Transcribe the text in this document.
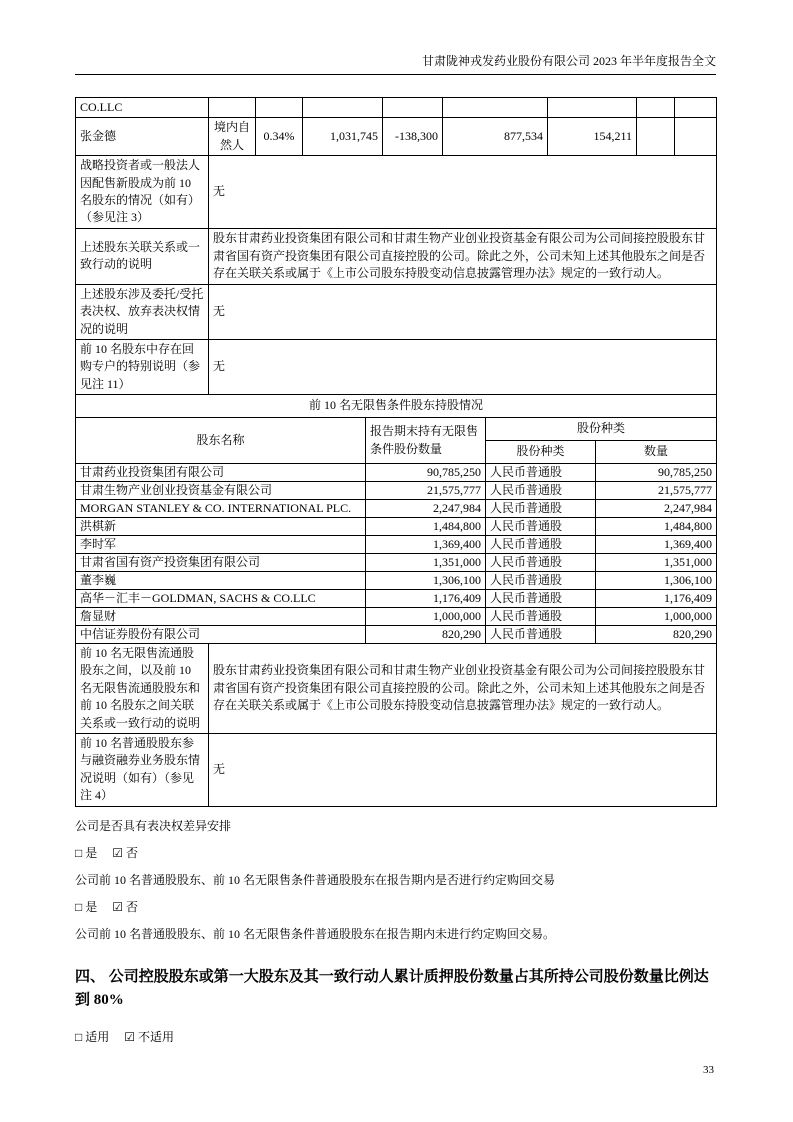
甘肃陇神戎发药业股份有限公司 2023 年半年度报告全文
CO.LLC								
张金德	境内自然人	0.34%	1,031,745	-138,300	877,534	154,211		
战略投资者或一般法人因配售新股成为前 10 名股东的情况（如有）（参见注 3）	无							
上述股东关联关系或一致行动的说明	股东甘肃药业投资集团有限公司和甘肃生物产业创业投资基金有限公司为公司间接控股股东甘肃省国有资产投资集团有限公司直接控股的公司。除此之外，公司未知上述其他股东之间是否存在关联关系或属于《上市公司股东持股变动信息披露管理办法》规定的一致行动人。							
上述股东涉及委托/受托表决权、放弃表决权情况的说明	无							
前 10 名股东中存在回购专户的特别说明（参见注 11）	无							
前 10 名无限售条件股东持股情况				
股东名称		报告期末持有无限售条件股份数量	股份种类	
			股份种类	数量
甘肃药业投资集团有限公司		90,785,250	人民币普通股	90,785,250
甘肃生物产业创业投资基金有限公司		21,575,777	人民币普通股	21,575,777
MORGAN STANLEY & CO. INTERNATIONAL PLC.		2,247,984	人民币普通股	2,247,984
洪棋新		1,484,800	人民币普通股	1,484,800
李时军		1,369,400	人民币普通股	1,369,400
甘肃省国有资产投资集团有限公司		1,351,000	人民币普通股	1,351,000
董李巍		1,306,100	人民币普通股	1,306,100
高华－汇丰－GOLDMAN, SACHS & CO.LLC		1,176,409	人民币普通股	1,176,409
詹显财		1,000,000	人民币普通股	1,000,000
中信证券股份有限公司		820,290	人民币普通股	820,290
前 10 名无限售流通股股东之间，以及前 10 名无限售流通股股东和前 10 名股东之间关联关系或一致行动的说明	股东甘肃药业投资集团有限公司和甘肃生物产业创业投资基金有限公司为公司间接控股股东甘肃省国有资产投资集团有限公司直接控股的公司。除此之外，公司未知上述其他股东之间是否存在关联关系或属于《上市公司股东持股变动信息披露管理办法》规定的一致行动人。			
前 10 名普通股股东参与融资融券业务股东情况说明（如有）（参见注 4）	无			

公司是否具有表决权差异安排

□ 是 ☑ 否

公司前 10 名普通股股东、前 10 名无限售条件普通股股东在报告期内是否进行约定购回交易

□ 是 ☑ 否

公司前 10 名普通股股东、前 10 名无限售条件普通股股东在报告期内未进行约定购回交易。

四、 公司控股股东或第一大股东及其一致行动人累计质押股份数量占其所持公司股份数量比例达到 80%

□ 适用 ☑ 不适用

33
